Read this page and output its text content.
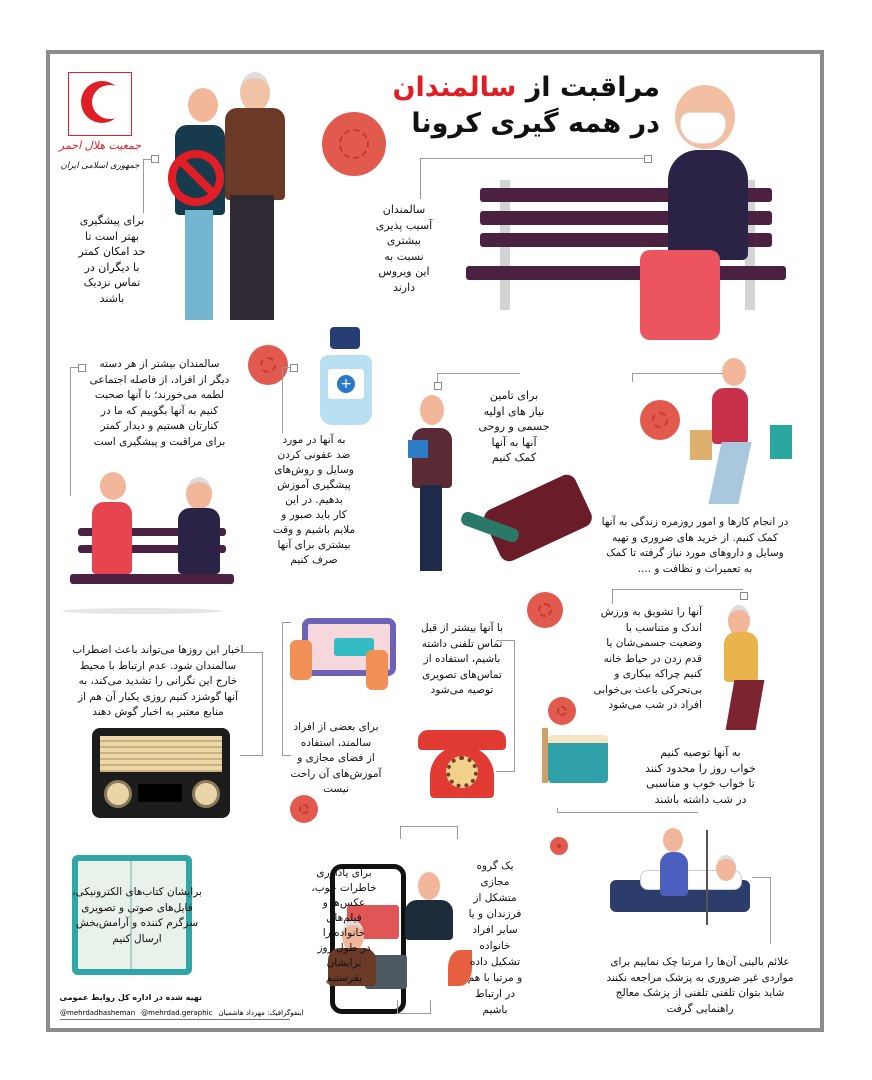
جمعیت هلال احمر
جمهوری اسلامی ایران
مراقبت از سالمندان
در همه گیری کرونا
برای پیشگیری
بهتر است تا
حد امکان کمتر
با دیگران در
تماس نزدیک
باشند
سالمندان
آسیب پذیری
بیشتری
نسبت به
این ویروس
دارند
سالمندان بیشتر از هر دسته
دیگر از افراد، از فاصله اجتماعی
لطمه می‌خورند؛ با آنها صحبت
کنیم به آنها بگوییم که ما در
کنارتان هستیم و دیدار کمتر
برای مراقبت و پیشگیری است
+
به آنها در مورد
ضد عفونی کردن
وسایل و روش‌های
پیشگیری آموزش
بدهیم. در این
کار باید صبور و
ملایم باشیم و وقت
بیشتری برای آنها
صرف کنیم
برای تامین
نیاز های اولیه
جسمی و روحی
آنها به آنها
کمک کنیم
در انجام کارها و امور روزمره زندگی به آنها
کمک کنیم. از خرید های ضروری و تهیه
وسایل و داروهای مورد نیاز گرفته تا کمک
به تعمیرات و نظافت و ....
آنها را تشویق به ورزش
اندک و متناسب با
وضعیت جسمی‌شان یا
قدم زدن در حیاط خانه
کنیم چراکه بیکاری و
بی‌تحرکی باعث بی‌خوابی
افراد در شب می‌شود
به آنها توصیه کنیم
خواب روز را محدود کنند
تا خواب خوب و مناسبی
در شب داشته باشند
برای بعضی از افراد
سالمند، استفاده
از فضای مجازی و
آموزش‌های آن راحت
نیست
اخبار این روزها می‌تواند باعث اضطراب
سالمندان شود. عدم ارتباط با محیط
خارج این نگرانی را تشدید می‌کند، به
آنها گوشزد کنیم روزی یکبار آن هم از
منابع معتبر به اخبار گوش دهند
با آنها بیشتر از قبل
تماس تلفنی داشته
باشیم، استفاده از
تماس‌های تصویری
توصیه می‌شود
برایشان کتاب‌های الکترونیکی،
فایل‌های صوتی و تصویری
سرگرم کننده و آرامش‌بخش
ارسال کنیم
برای یادآوری
خاطرات خوب،
عکس‌ها و
فیلم‌های
خانواده را
در طول روز
برایشان
بفرستیم
یک گروه
مجازی
متشکل از
فرزندان و یا
سایر افراد
خانواده
تشکیل داده
و مرتبا با هم
در ارتباط
باشیم
علائم بالینی آن‌ها را مرتبا چک نماییم برای
مواردی غیر ضروری به پزشک مراجعه نکنند
شاید بتوان تلفنی تلفنی از پزشک معالج
راهنمایی گرفت
تهیه شده در اداره کل روابط عمومی
@mehrdadhasheman @mehrdad.geraphic اینفوگرافیک: مهرداد هاشمیان
